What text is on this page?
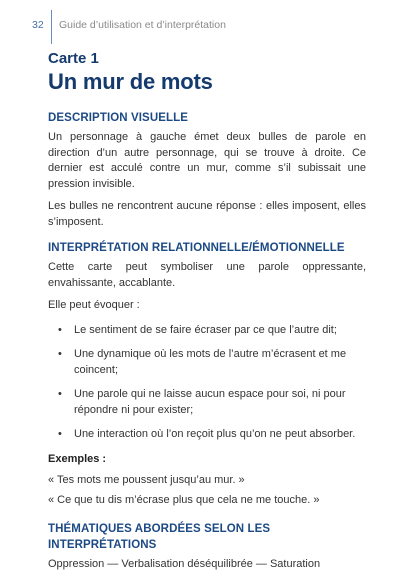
32 Guide d’utilisation et d’interprétation
Carte 1
Un mur de mots
DESCRIPTION VISUELLE

Un personnage à gauche émet deux bulles de parole en direction d’un autre personnage, qui se trouve à droite. Ce dernier est acculé contre un mur, comme s’il subissait une pression invisible.

Les bulles ne rencontrent aucune réponse : elles imposent, elles s’imposent.

INTERPRÉTATION RELATIONNELLE/ÉMOTIONNELLE

Cette carte peut symboliser une parole oppressante, envahissante, accablante.

Elle peut évoquer :

• Le sentiment de se faire écraser par ce que l’autre dit;
• Une dynamique où les mots de l’autre m’écrasent et me coincent;
• Une parole qui ne laisse aucun espace pour soi, ni pour répondre ni pour exister;
• Une interaction où l’on reçoit plus qu’on ne peut absorber.
Exemples :

« Tes mots me poussent jusqu’au mur. »

« Ce que tu dis m’écrase plus que cela ne me touche. »

THÉMATIQUES ABORDÉES SELON LES INTERPRÉTATIONS

Oppression — Verbalisation déséquilibrée — Saturation
